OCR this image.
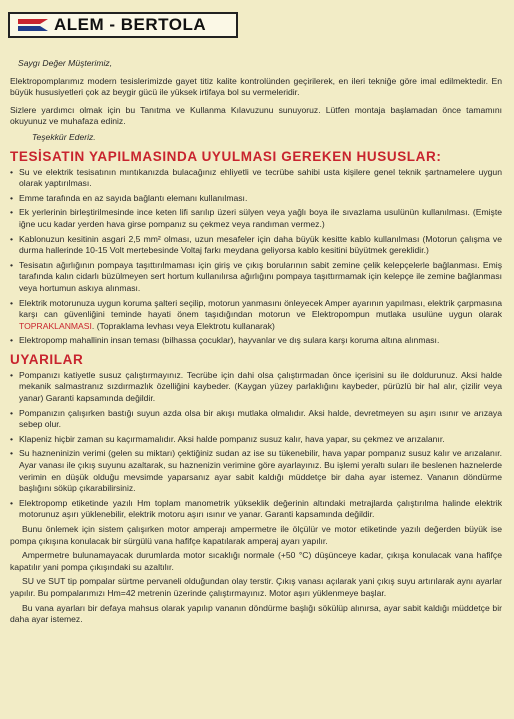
ALEM - BERTOLA
Saygı Değer Müşterimiz,

Elektropomplarımız modern tesislerimizde gayet titiz kalite kontrolünden geçirilerek, en ileri tekniğe göre imal edilmektedir. En büyük hususiyetleri çok az beygir gücü ile yüksek irtifaya bol su vermeleridir.

Sizlere yardımcı olmak için bu Tanıtma ve Kullanma Kılavuzunu sunuyoruz. Lütfen montaja başlamadan önce tamamını okuyunuz ve muhafaza ediniz.

Teşekkür Ederiz.
TESİSATIN YAPILMASINDA UYULMASI GEREKEN HUSUSLAR:
• Su ve elektrik tesisatının mıntıkanızda bulacağınız ehliyetli ve tecrübe sahibi usta kişilere genel teknik şartnamelere uygun olarak yaptırılması.
• Emme tarafında en az sayıda bağlantı elemanı kullanılması.
• Ek yerlerinin birleştirilmesinde ince keten lifi sarılıp üzeri sülyen veya yağlı boya ile sıvazlama usulünün kullanılması. (Emişte iğne ucu kadar yerden hava girse pompanız su çekmez veya randıman vermez.)
• Kablonuzun kesitinin asgari 2,5 mm² olması, uzun mesafeler için daha büyük kesitte kablo kullanılması (Motorun çalışma ve durma hallerinde 10-15 Volt mertebesinde Voltaj farkı meydana geliyorsa kablo kesitini büyütmek gereklidir.)
• Tesisatın ağırlığının pompaya taşıttırılmaması için giriş ve çıkış borularının sabit zemine çelik kelepçelerle bağlanması. Emiş tarafında kalın cidarlı büzülmeyen sert hortum kullanılırsa ağırlığını pompaya taşıttırmamak için kelepçe ile zemine bağlanması veya hortumun askıya alınması.
• Elektrik motorunuza uygun koruma şalteri seçilip, motorun yanmasını önleyecek Amper ayarının yapılması, elektrik çarpmasına karşı can güvenliğini teminde hayati önem taşıdığından motorun ve Elektropompun mutlaka usulüne uygun olarak TOPRAKLANMASI. (Topraklama levhası veya Elektrotu kullanarak)
• Elektropomp mahallinin insan teması (bilhassa çocuklar), hayvanlar ve dış sulara karşı koruma altına alınması.
UYARILAR
• Pompanızı katiyetle susuz çalıştırmayınız. Tecrübe için dahi olsa çalıştırmadan önce içerisini su ile doldurunuz. Aksi halde mekanik salmastranız sızdırmazlık özelliğini kaybeder. (Kaygan yüzey parlaklığını kaybeder, pürüzlü bir hal alır, çizilir veya yanar) Garanti kapsamında değildir.
• Pompanızın çalışırken bastığı suyun azda olsa bir akışı mutlaka olmalıdır. Aksi halde, devretmeyen su aşırı ısınır ve arızaya sebep olur.
• Klapeniz hiçbir zaman su kaçırmamalıdır. Aksi halde pompanız susuz kalır, hava yapar, su çekmez ve arızalanır.
• Su hazneninizin verimi (gelen su miktarı) çektiğiniz sudan az ise su tükenebilir, hava yapar pompanız susuz kalır ve arızalanır. Ayar vanası ile çıkış suyunu azaltarak, su haznenizin verimine göre ayarlayınız. Bu işlemi yeraltı suları ile beslenen haznelerde verimin en düşük olduğu mevsimde yaparsanız ayar sabit kaldığı müddetçe bir daha ayar istemez. Vananın döndürme başlığını söküp çıkarabilirsiniz.
• Elektropomp etiketinde yazılı Hm toplam manometrik yükseklik değerinin altındaki metrajlarda çalıştırılma halinde elektrik motorunuz aşırı yüklenebilir, elektrik motoru aşırı ısınır ve yanar. Garanti kapsamında değildir.

Bunu önlemek için sistem çalışırken motor amperajı ampermetre ile ölçülür ve motor etiketinde yazılı değerden büyük ise pompa çıkışına konulacak bir sürgülü vana hafifçe kapatılarak amperaj ayarı yapılır.

Ampermetre bulunamayacak durumlarda motor sıcaklığı normale (+50 °C) düşünceye kadar, çıkışa konulacak vana hafifçe kapatılır yani pompa çıkışındaki su azaltılır.

SU ve SUT tip pompalar sürtme pervaneli olduğundan olay terstir. Çıkış vanası açılarak yani çıkış suyu artırılarak aynı ayarlar yapılır. Bu pompalarımızı Hm=42 metrenin üzerinde çalıştırmayınız. Motor aşırı yüklenmeye başlar.

Bu vana ayarları bir defaya mahsus olarak yapılıp vananın döndürme başlığı sökülüp alınırsa, ayar sabit kaldığı müddetçe bir daha ayar istemez.
